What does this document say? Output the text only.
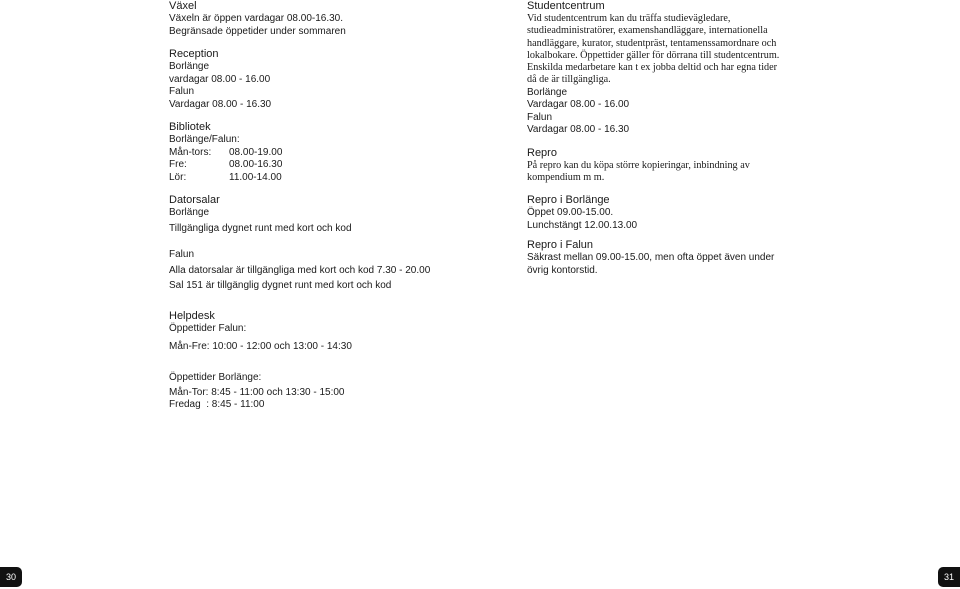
Växel
Växeln är öppen vardagar 08.00-16.30.
Begränsade öppetider under sommaren
Reception
Borlänge
vardagar 08.00 - 16.00
Falun
Vardagar 08.00 - 16.30
Bibliotek
Borlänge/Falun:
Mån-tors:	08.00-19.00
Fre:	08.00-16.30
Lör:	11.00-14.00
Datorsalar
Borlänge
Tillgängliga dygnet runt med kort och kod
Falun
Alla datorsalar är tillgängliga med kort och kod 7.30 - 20.00
Sal 151 är tillgänglig dygnet runt med kort och kod
Studentcentrum
Vid studentcentrum kan du träffa studievägledare, studieadministratörer, examenshandläggare, internationella handläggare, kurator, studentpräst, tentamenssamordnare och lokalbokare. Öppettider gäller för dörrana till studentcentrum. Enskilda medarbetare kan t ex jobba deltid och har egna tider då de är tillgängliga.
Borlänge
Vardagar 08.00 - 16.00
Falun
Vardagar 08.00 - 16.30
Repro
På repro kan du köpa större kopieringar, inbindning av kompendium m m.
Repro i Borlänge
Öppet 09.00-15.00.
Lunchstängt 12.00.13.00
Repro i Falun
Säkrast mellan 09.00-15.00, men ofta öppet även under övrig kontorstid.
Helpdesk
Öppettider Falun:
Mån-Fre: 10:00 - 12:00 och 13:00 - 14:30
Öppettider Borlänge:
Mån-Tor: 8:45 - 11:00 och 13:30 - 15:00
Fredag  : 8:45 - 11:00
30	31
